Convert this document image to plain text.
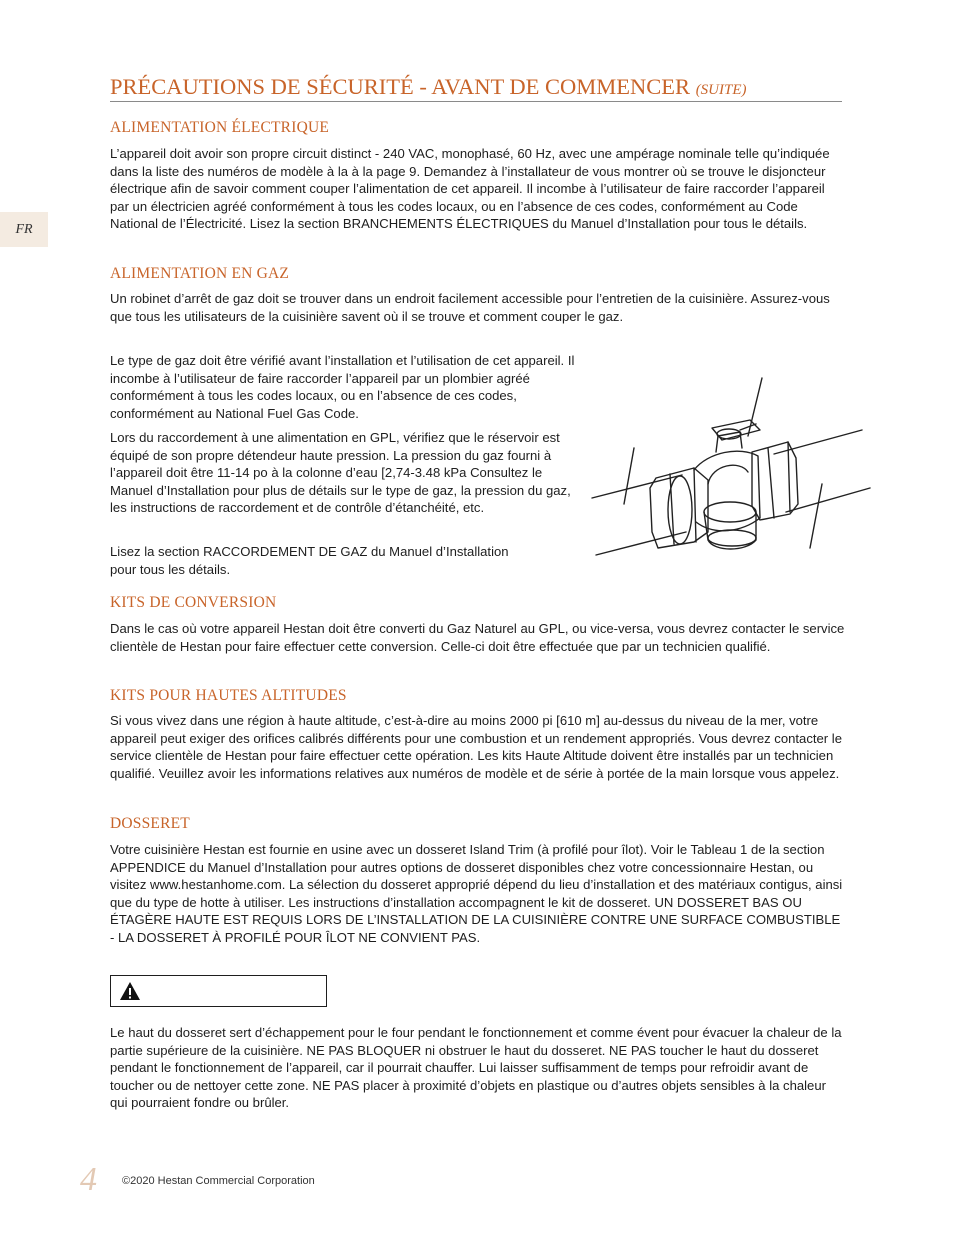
PRÉCAUTIONS DE SÉCURITÉ - AVANT DE COMMENCER (SUITE)
FR
ALIMENTATION ÉLECTRIQUE

L’appareil doit avoir son propre circuit distinct - 240 VAC, monophasé, 60 Hz, avec une ampérage nominale telle qu’indiquée dans la liste des numéros de modèle à la à la page 9. Demandez à l’installateur de vous montrer où se trouve le disjoncteur électrique afin de savoir comment couper l’alimentation de cet appareil. Il incombe à l’utilisateur de faire raccorder l’appareil par un électricien agréé conformément à tous les codes locaux, ou en l’absence de ces codes, conformément au Code National de l’Électricité. Lisez la section BRANCHEMENTS ÉLECTRIQUES du Manuel d’Installation pour tous le détails.

ALIMENTATION EN GAZ

Un robinet d’arrêt de gaz doit se trouver dans un endroit facilement accessible pour l’entretien de la cuisinière. Assurez-vous que tous les utilisateurs de la cuisinière savent où il se trouve et comment couper le gaz.

Le type de gaz doit être vérifié avant l’installation et l’utilisation de cet appareil. Il incombe à l’utilisateur de faire raccorder l’appareil par un plombier agréé conformément à tous les codes locaux, ou en l’absence de ces codes, conformément au National Fuel Gas Code.

Lors du raccordement à une alimentation en GPL, vérifiez que le réservoir est équipé de son propre détendeur haute pression. La pression du gaz fourni à l’appareil doit être 11-14 po à la colonne d’eau [2,74-3.48 kPa Consultez le Manuel d’Installation pour plus de détails sur le type de gaz, la pression du gaz, les instructions de raccordement et de contrôle d’étanchéité, etc.

Lisez la section RACCORDEMENT DE GAZ du Manuel d’Installation pour tous les détails.

KITS DE CONVERSION

Dans le cas où votre appareil Hestan doit être converti du Gaz Naturel au GPL, ou vice-versa, vous devrez contacter le service clientèle de Hestan pour faire effectuer cette conversion. Celle-ci doit être effectuée que par un technicien qualifié.

KITS POUR HAUTES ALTITUDES

Si vous vivez dans une région à haute altitude, c’est-à-dire au moins 2000 pi [610 m] au-dessus du niveau de la mer, votre appareil peut exiger des orifices calibrés différents pour une combustion et un rendement appropriés. Vous devrez contacter le service clientèle de Hestan pour faire effectuer cette opération. Les kits Haute Altitude doivent être installés par un technicien qualifié. Veuillez avoir les informations relatives aux numéros de modèle et de série à portée de la main lorsque vous appelez.

DOSSERET

Votre cuisinière Hestan est fournie en usine avec un dosseret Island Trim (à profilé pour îlot). Voir le Tableau 1 de la section APPENDICE du Manuel d’Installation pour autres options de dosseret disponibles chez votre concessionnaire Hestan, ou visitez www.hestanhome.com. La sélection du dosseret approprié dépend du lieu d’installation et des matériaux contigus, ainsi que du type de hotte à utiliser. Les instructions d’installation accompagnent le kit de dosseret. UN DOSSERET BAS OU ÉTAGÈRE HAUTE EST REQUIS LORS DE L’INSTALLATION DE LA CUISINIÈRE CONTRE UNE SURFACE COMBUSTIBLE - LA DOSSERET À PROFILÉ POUR ÎLOT NE CONVIENT PAS.

Le haut du dosseret sert d’échappement pour le four pendant le fonctionnement et comme évent pour évacuer la chaleur de la partie supérieure de la cuisinière. NE PAS BLOQUER ni obstruer le haut du dosseret. NE PAS toucher le haut du dosseret pendant le fonctionnement de l’appareil, car il pourrait chauffer. Lui laisser suffisamment de temps pour refroidir avant de toucher ou de nettoyer cette zone. NE PAS placer à proximité d’objets en plastique ou d’autres objets sensibles à la chaleur qui pourraient fondre ou brûler.

4 ©2020 Hestan Commercial Corporation
